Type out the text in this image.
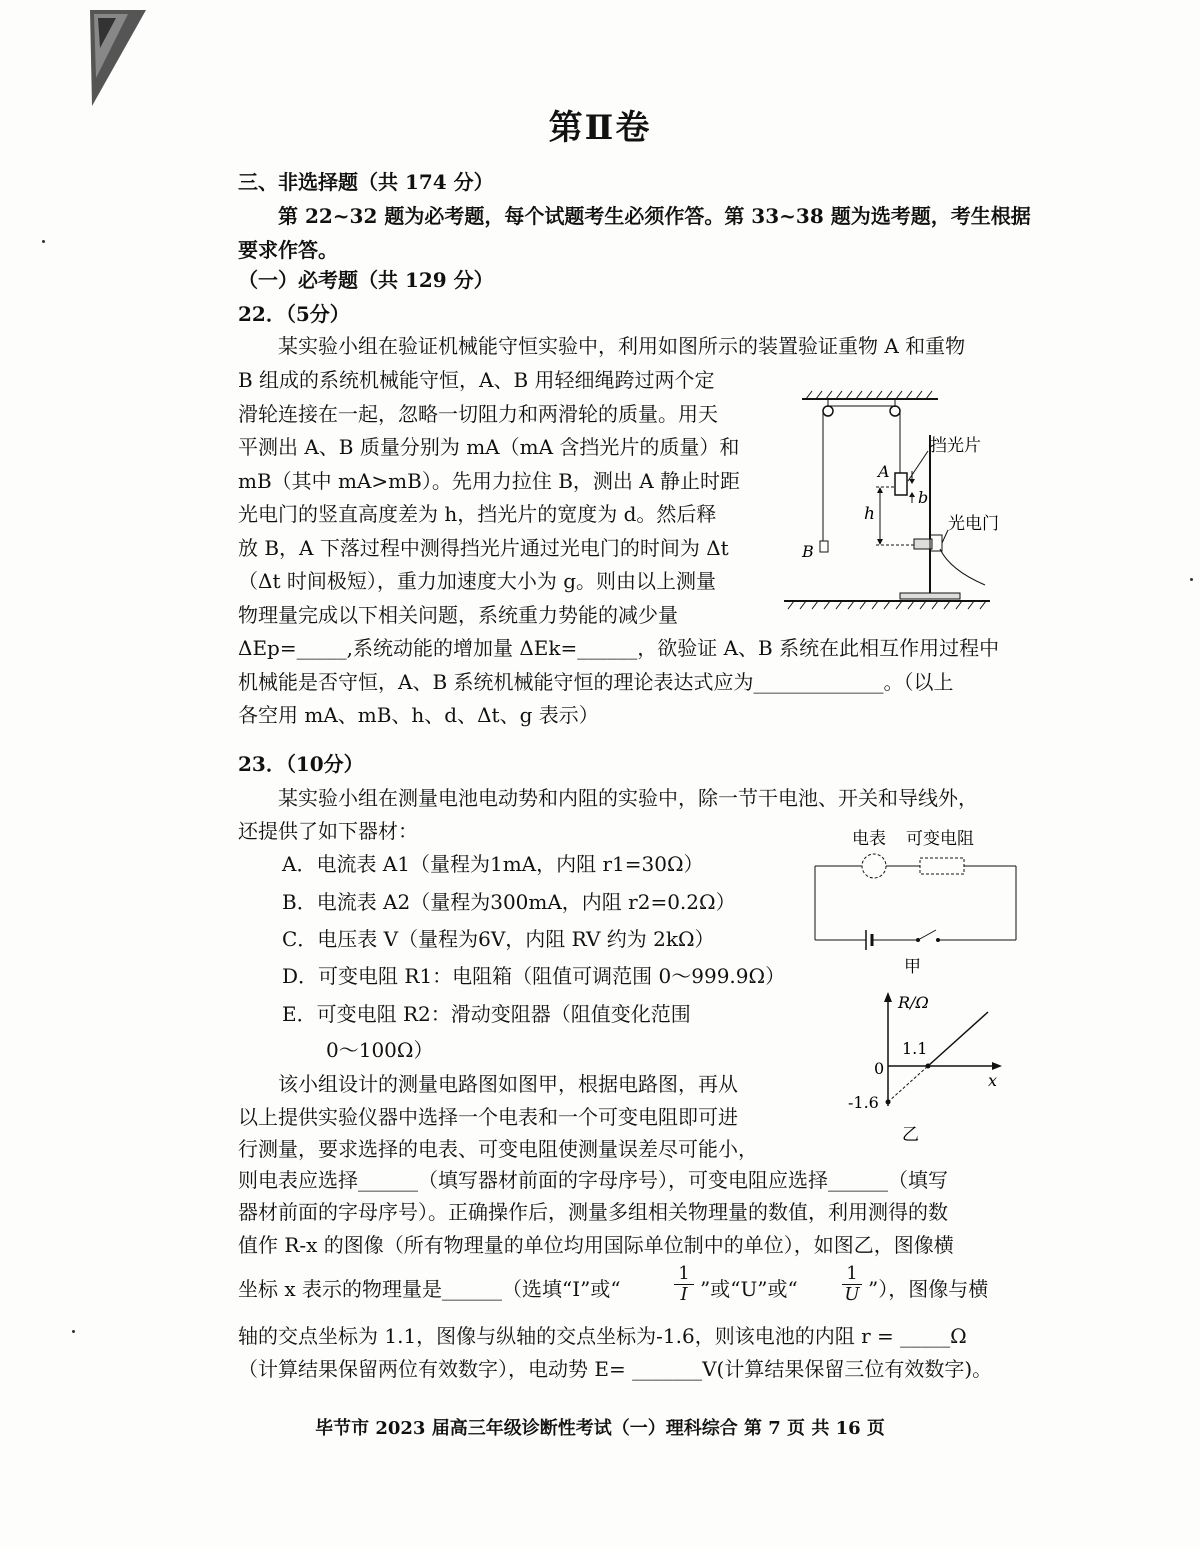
第Ⅱ卷
三、非选择题（共 174 分）
第 22~32 题为必考题，每个试题考生必须作答。第 33~38 题为选考题，考生根据
要求作答。
（一）必考题（共 129 分）
22．（5分）
某实验小组在验证机械能守恒实验中，利用如图所示的装置验证重物 A 和重物
B 组成的系统机械能守恒，A、B 用轻细绳跨过两个定
滑轮连接在一起，忽略一切阻力和两滑轮的质量。用天
平测出 A、B 质量分别为 mA（mA 含挡光片的质量）和
mB（其中 mA>mB）。先用力拉住 B，测出 A 静止时距
光电门的竖直高度差为 h，挡光片的宽度为 d。然后释
放 B，A 下落过程中测得挡光片通过光电门的时间为 Δt
（Δt 时间极短），重力加速度大小为 g。则由以上测量
物理量完成以下相关问题，系统重力势能的减少量
ΔEp=_____,系统动能的增加量 ΔEk=______，欲验证 A、B 系统在此相互作用过程中
机械能是否守恒，A、B 系统机械能守恒的理论表达式应为_____________。（以上
各空用 mA、mB、h、d、Δt、g 表示）
B
A
挡光片
b
h	光电门
23．（10分）
某实验小组在测量电池电动势和内阻的实验中，除一节干电池、开关和导线外，
还提供了如下器材：
A．电流表 A1（量程为1mA，内阻 r1=30Ω）
B．电流表 A2（量程为300mA，内阻 r2=0.2Ω）
C．电压表 V（量程为6V，内阻 RV 约为 2kΩ）
D．可变电阻 R1：电阻箱（阻值可调范围 0～999.9Ω）
E．可变电阻 R2：滑动变阻器（阻值变化范围
0～100Ω）
该小组设计的测量电路图如图甲，根据电路图，再从
以上提供实验仪器中选择一个电表和一个可变电阻即可进
行测量，要求选择的电表、可变电阻使测量误差尽可能小，
则电表应选择______（填写器材前面的字母序号），可变电阻应选择______（填写
器材前面的字母序号）。正确操作后，测量多组相关物理量的数值，利用测得的数
值作 R-x 的图像（所有物理量的单位均用国际单位制中的单位），如图乙，图像横
坐标 x 表示的物理量是______（选填“I”或“	$\frac{1}{I}$ ”或“U”或“ $\frac{1}{U}$ ”），图像与横
轴的交点坐标为 1.1，图像与纵轴的交点坐标为-1.6，则该电池的内阻 r = _____Ω
（计算结果保留两位有效数字），电动势 E= _______V(计算结果保留三位有效数字)。
电表 可变电阻
甲
R/Ω
x
0
1.1
-1.6
乙
毕节市 2023 届高三年级诊断性考试（一）理科综合 第 7 页 共 16 页
